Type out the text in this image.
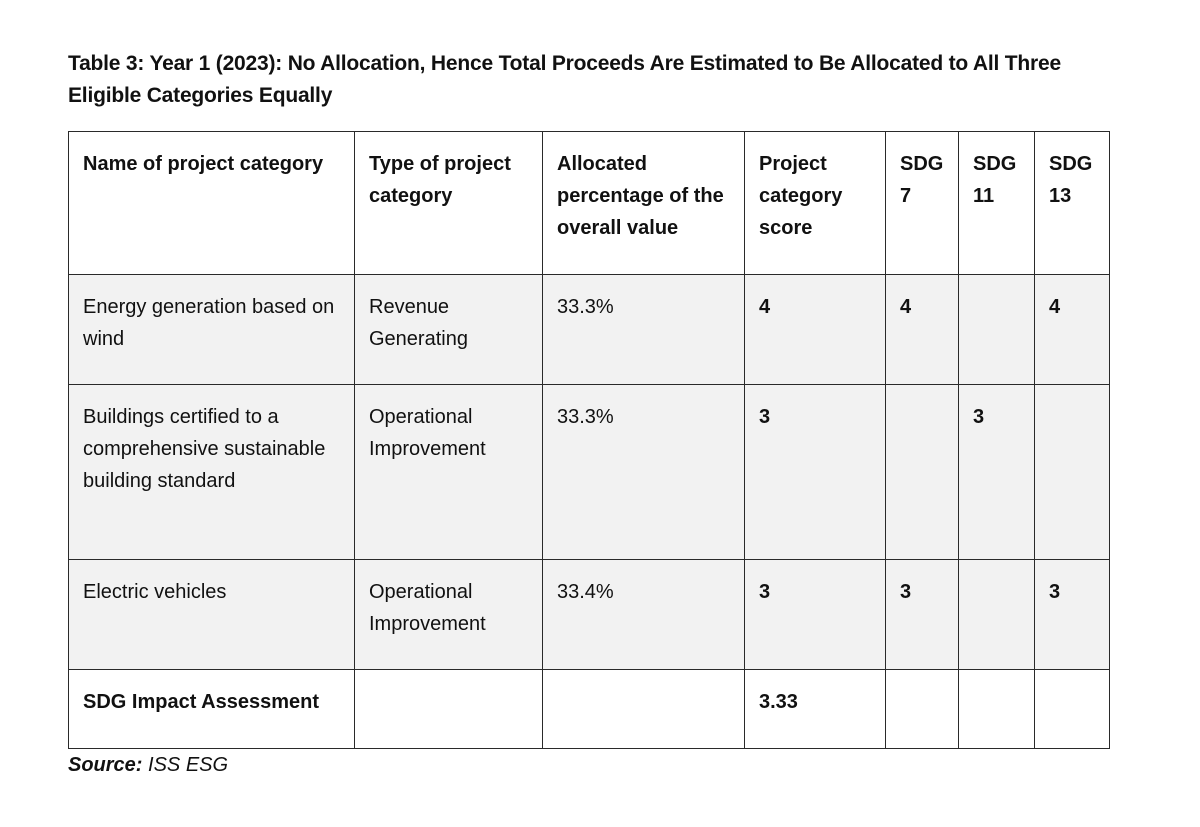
Table 3: Year 1 (2023): No Allocation, Hence Total Proceeds Are Estimated to Be Allocated to All Three Eligible Categories Equally

Name of project category	Type of project category	Allocated percentage of the overall value	Project category score	SDG 7	SDG 11	SDG 13
Energy generation based on wind	Revenue Generating	33.3%	4	4		4
Buildings certified to a comprehensive sustainable building standard	Operational Improvement	33.3%	3		3	
Electric vehicles	Operational Improvement	33.4%	3	3		3
SDG Impact Assessment			3.33			
Source: ISS ESG
